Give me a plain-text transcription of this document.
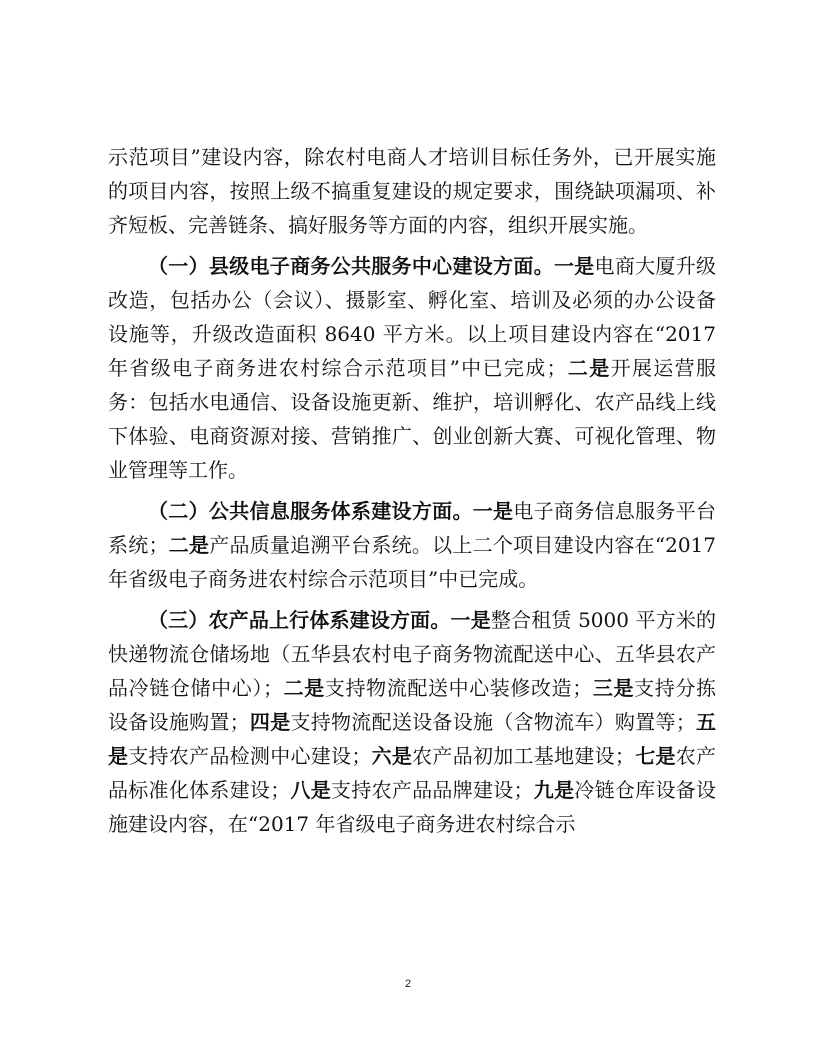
示范项目”建设内容，除农村电商人才培训目标任务外，已开展实施的项目内容，按照上级不搞重复建设的规定要求，围绕缺项漏项、补齐短板、完善链条、搞好服务等方面的内容，组织开展实施。

（一）县级电子商务公共服务中心建设方面。一是电商大厦升级改造，包括办公（会议）、摄影室、孵化室、培训及必须的办公设备设施等，升级改造面积 8640 平方米。以上项目建设内容在“2017 年省级电子商务进农村综合示范项目”中已完成；二是开展运营服务：包括水电通信、设备设施更新、维护，培训孵化、农产品线上线下体验、电商资源对接、营销推广、创业创新大赛、可视化管理、物业管理等工作。

（二）公共信息服务体系建设方面。一是电子商务信息服务平台系统；二是产品质量追溯平台系统。以上二个项目建设内容在“2017 年省级电子商务进农村综合示范项目”中已完成。

（三）农产品上行体系建设方面。一是整合租赁 5000 平方米的快递物流仓储场地（五华县农村电子商务物流配送中心、五华县农产品冷链仓储中心）；二是支持物流配送中心装修改造；三是支持分拣设备设施购置；四是支持物流配送设备设施（含物流车）购置等；五是支持农产品检测中心建设；六是农产品初加工基地建设；七是农产品标准化体系建设；八是支持农产品品牌建设；九是冷链仓库设备设施建设内容，在“2017 年省级电子商务进农村综合示

2
